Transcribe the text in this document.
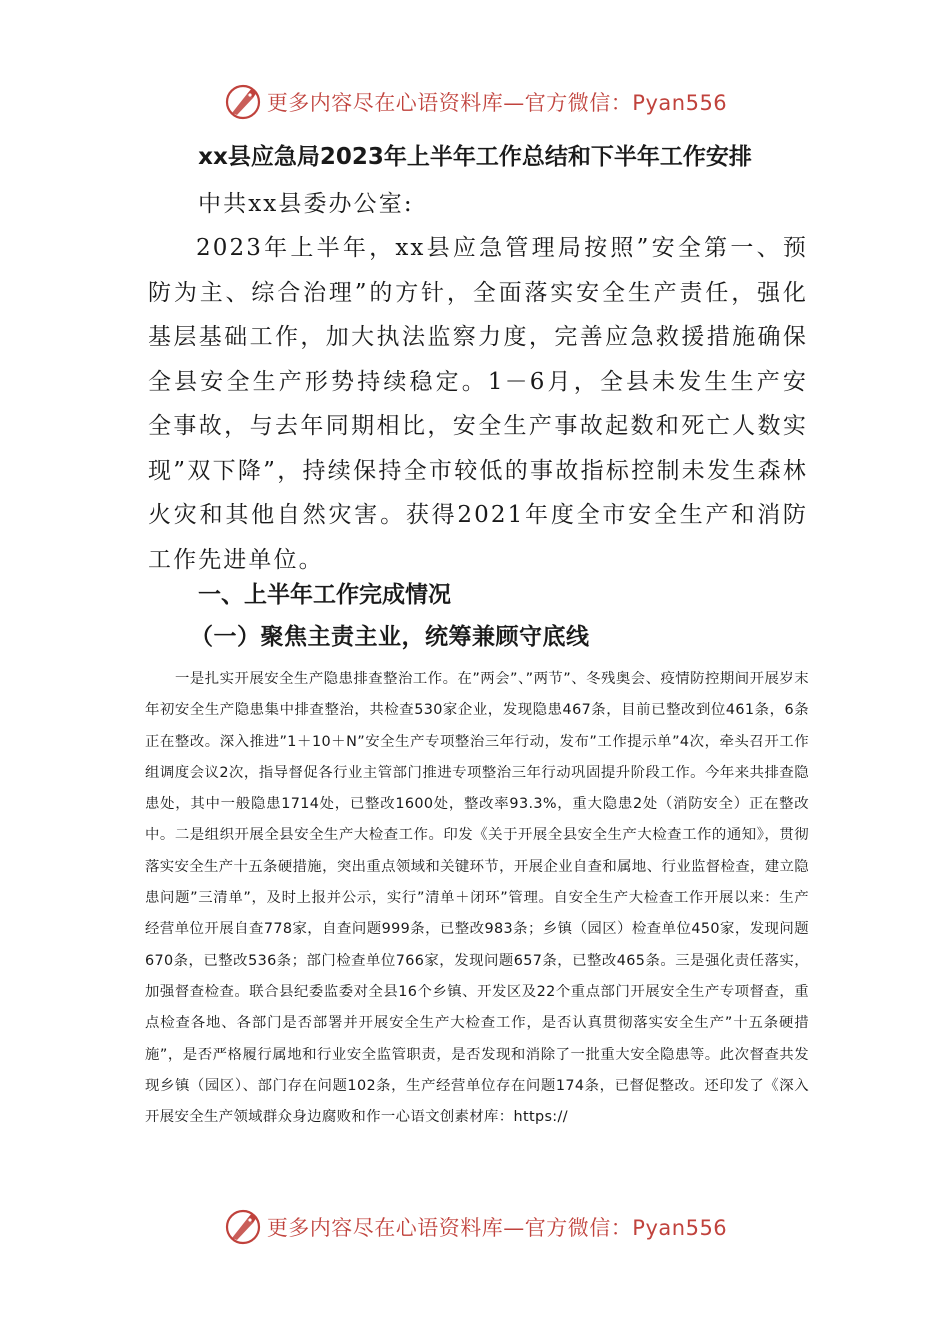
更多内容尽在心语资料库—官方微信：Pyan556
xx县应急局2023年上半年工作总结和下半年工作安排
中共xx县委办公室:
2023年上半年，xx县应急管理局按照”安全第一、预防为主、综合治理”的方针，全面落实安全生产责任，强化基层基础工作，加大执法监察力度，完善应急救援措施确保全县安全生产形势持续稳定。1－6月，全县未发生生产安全事故，与去年同期相比，安全生产事故起数和死亡人数实现”双下降”，持续保持全市较低的事故指标控制未发生森林火灾和其他自然灾害。获得2021年度全市安全生产和消防工作先进单位。
一、上半年工作完成情况
（一）聚焦主责主业，统筹兼顾守底线
一是扎实开展安全生产隐患排查整治工作。在”两会”、”两节”、冬残奥会、疫情防控期间开展岁末年初安全生产隐患集中排查整治，共检查530家企业，发现隐患467条，目前已整改到位461条，6条正在整改。深入推进”1＋10＋N”安全生产专项整治三年行动，发布”工作提示单”4次，牵头召开工作组调度会议2次，指导督促各行业主管部门推进专项整治三年行动巩固提升阶段工作。今年来共排查隐患处，其中一般隐患1714处，已整改1600处，整改率93.3%，重大隐患2处（消防安全）正在整改中。二是组织开展全县安全生产大检查工作。印发《关于开展全县安全生产大检查工作的通知》，贯彻落实安全生产十五条硬措施，突出重点领域和关键环节，开展企业自查和属地、行业监督检查，建立隐患问题”三清单”，及时上报并公示，实行”清单＋闭环”管理。自安全生产大检查工作开展以来：生产经营单位开展自查778家，自查问题999条，已整改983条；乡镇（园区）检查单位450家，发现问题670条，已整改536条；部门检查单位766家，发现问题657条，已整改465条。三是强化责任落实，加强督查检查。联合县纪委监委对全县16个乡镇、开发区及22个重点部门开展安全生产专项督查，重点检查各地、各部门是否部署并开展安全生产大检查工作，是否认真贯彻落实安全生产”十五条硬措施”，是否严格履行属地和行业安全监管职责，是否发现和消除了一批重大安全隐患等。此次督查共发现乡镇（园区）、部门存在问题102条，生产经营单位存在问题174条，已督促整改。还印发了《深入开展安全生产领域群众身边腐败和作一心语文创素材库：https://
更多内容尽在心语资料库—官方微信：Pyan556
